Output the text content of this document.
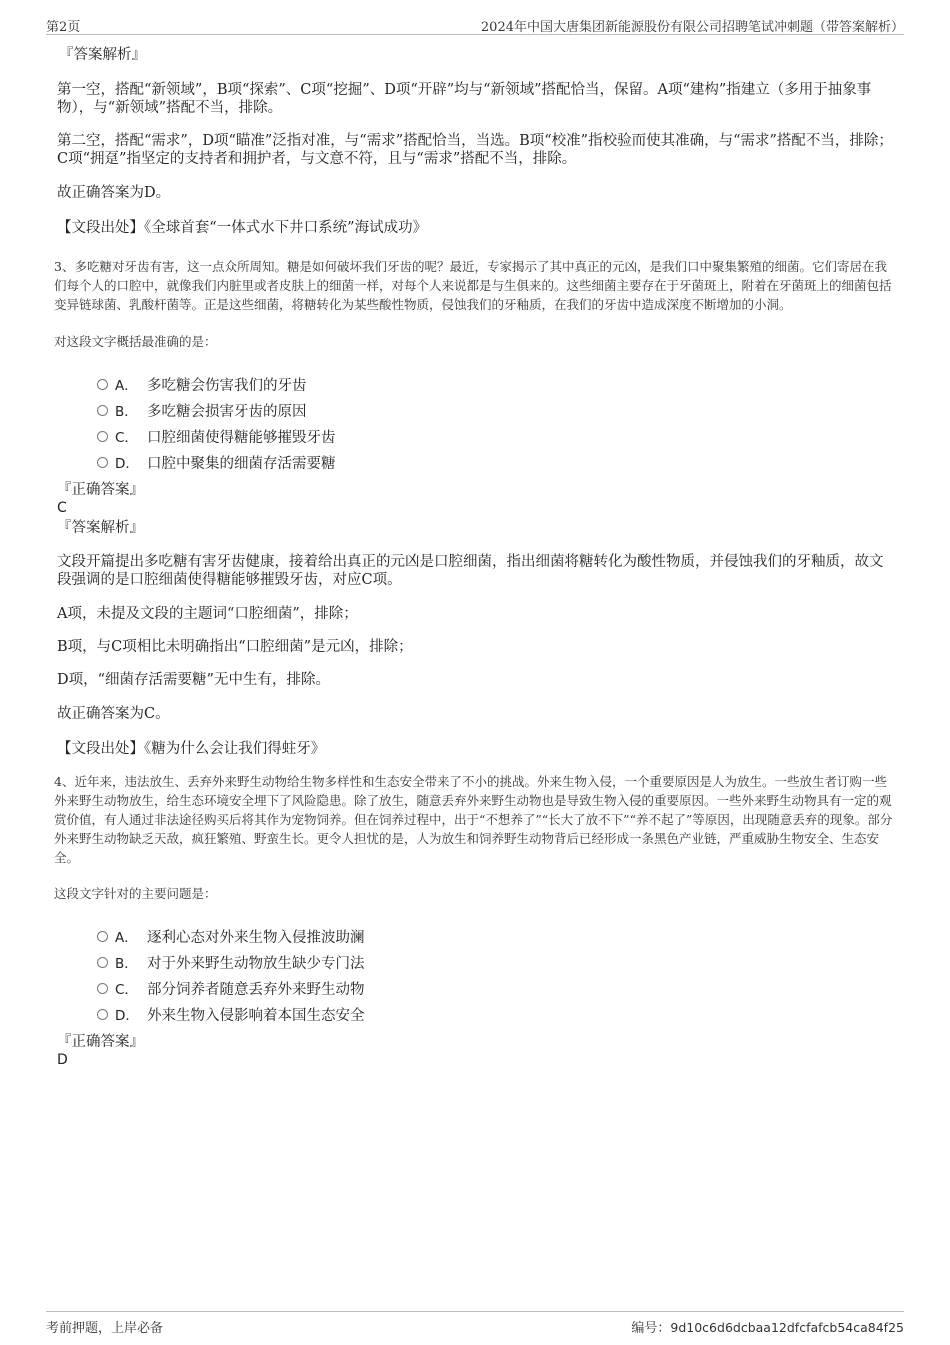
第2页	2024年中国大唐集团新能源股份有限公司招聘笔试冲刺题（带答案解析）
『答案解析』

第一空，搭配“新领域”，B项“探索”、C项“挖掘”、D项“开辟”均与“新领域”搭配恰当，保留。A项“建构”指建立（多用于抽象事物），与“新领域”搭配不当，排除。

第二空，搭配“需求”，D项“瞄准”泛指对准，与“需求”搭配恰当，当选。B项“校准”指校验而使其准确，与“需求”搭配不当，排除；C项“拥趸”指坚定的支持者和拥护者，与文意不符，且与“需求”搭配不当，排除。

故正确答案为D。

【文段出处】《全球首套“一体式水下井口系统”海试成功》

3、多吃糖对牙齿有害，这一点众所周知。糖是如何破坏我们牙齿的呢？最近，专家揭示了其中真正的元凶，是我们口中聚集繁殖的细菌。它们寄居在我们每个人的口腔中，就像我们内脏里或者皮肤上的细菌一样，对每个人来说都是与生俱来的。这些细菌主要存在于牙菌斑上，附着在牙菌斑上的细菌包括变异链球菌、乳酸杆菌等。正是这些细菌，将糖转化为某些酸性物质，侵蚀我们的牙釉质，在我们的牙齿中造成深度不断增加的小洞。

对这段文字概括最准确的是：

A． 多吃糖会伤害我们的牙齿
B． 多吃糖会损害牙齿的原因
C． 口腔细菌使得糖能够摧毁牙齿
D． 口腔中聚集的细菌存活需要糖
『正确答案』
C
『答案解析』

文段开篇提出多吃糖有害牙齿健康，接着给出真正的元凶是口腔细菌，指出细菌将糖转化为酸性物质，并侵蚀我们的牙釉质，故文段强调的是口腔细菌使得糖能够摧毁牙齿，对应C项。

A项，未提及文段的主题词“口腔细菌”，排除；

B项，与C项相比未明确指出“口腔细菌”是元凶，排除；

D项，“细菌存活需要糖”无中生有，排除。

故正确答案为C。

【文段出处】《糖为什么会让我们得蛀牙》

4、近年来，违法放生、丢弃外来野生动物给生物多样性和生态安全带来了不小的挑战。外来生物入侵，一个重要原因是人为放生。一些放生者订购一些外来野生动物放生，给生态环境安全埋下了风险隐患。除了放生，随意丢弃外来野生动物也是导致生物入侵的重要原因。一些外来野生动物具有一定的观赏价值，有人通过非法途径购买后将其作为宠物饲养。但在饲养过程中，出于“不想养了”“长大了放不下”“养不起了”等原因，出现随意丢弃的现象。部分外来野生动物缺乏天敌，疯狂繁殖、野蛮生长。更令人担忧的是，人为放生和饲养野生动物背后已经形成一条黑色产业链，严重威胁生物安全、生态安全。

这段文字针对的主要问题是：

A． 逐利心态对外来生物入侵推波助澜
B． 对于外来野生动物放生缺少专门法
C． 部分饲养者随意丢弃外来野生动物
D． 外来生物入侵影响着本国生态安全
『正确答案』
D
考前押题，上岸必备	编号：9d10c6d6dcbaa12dfcfafcb54ca84f25
